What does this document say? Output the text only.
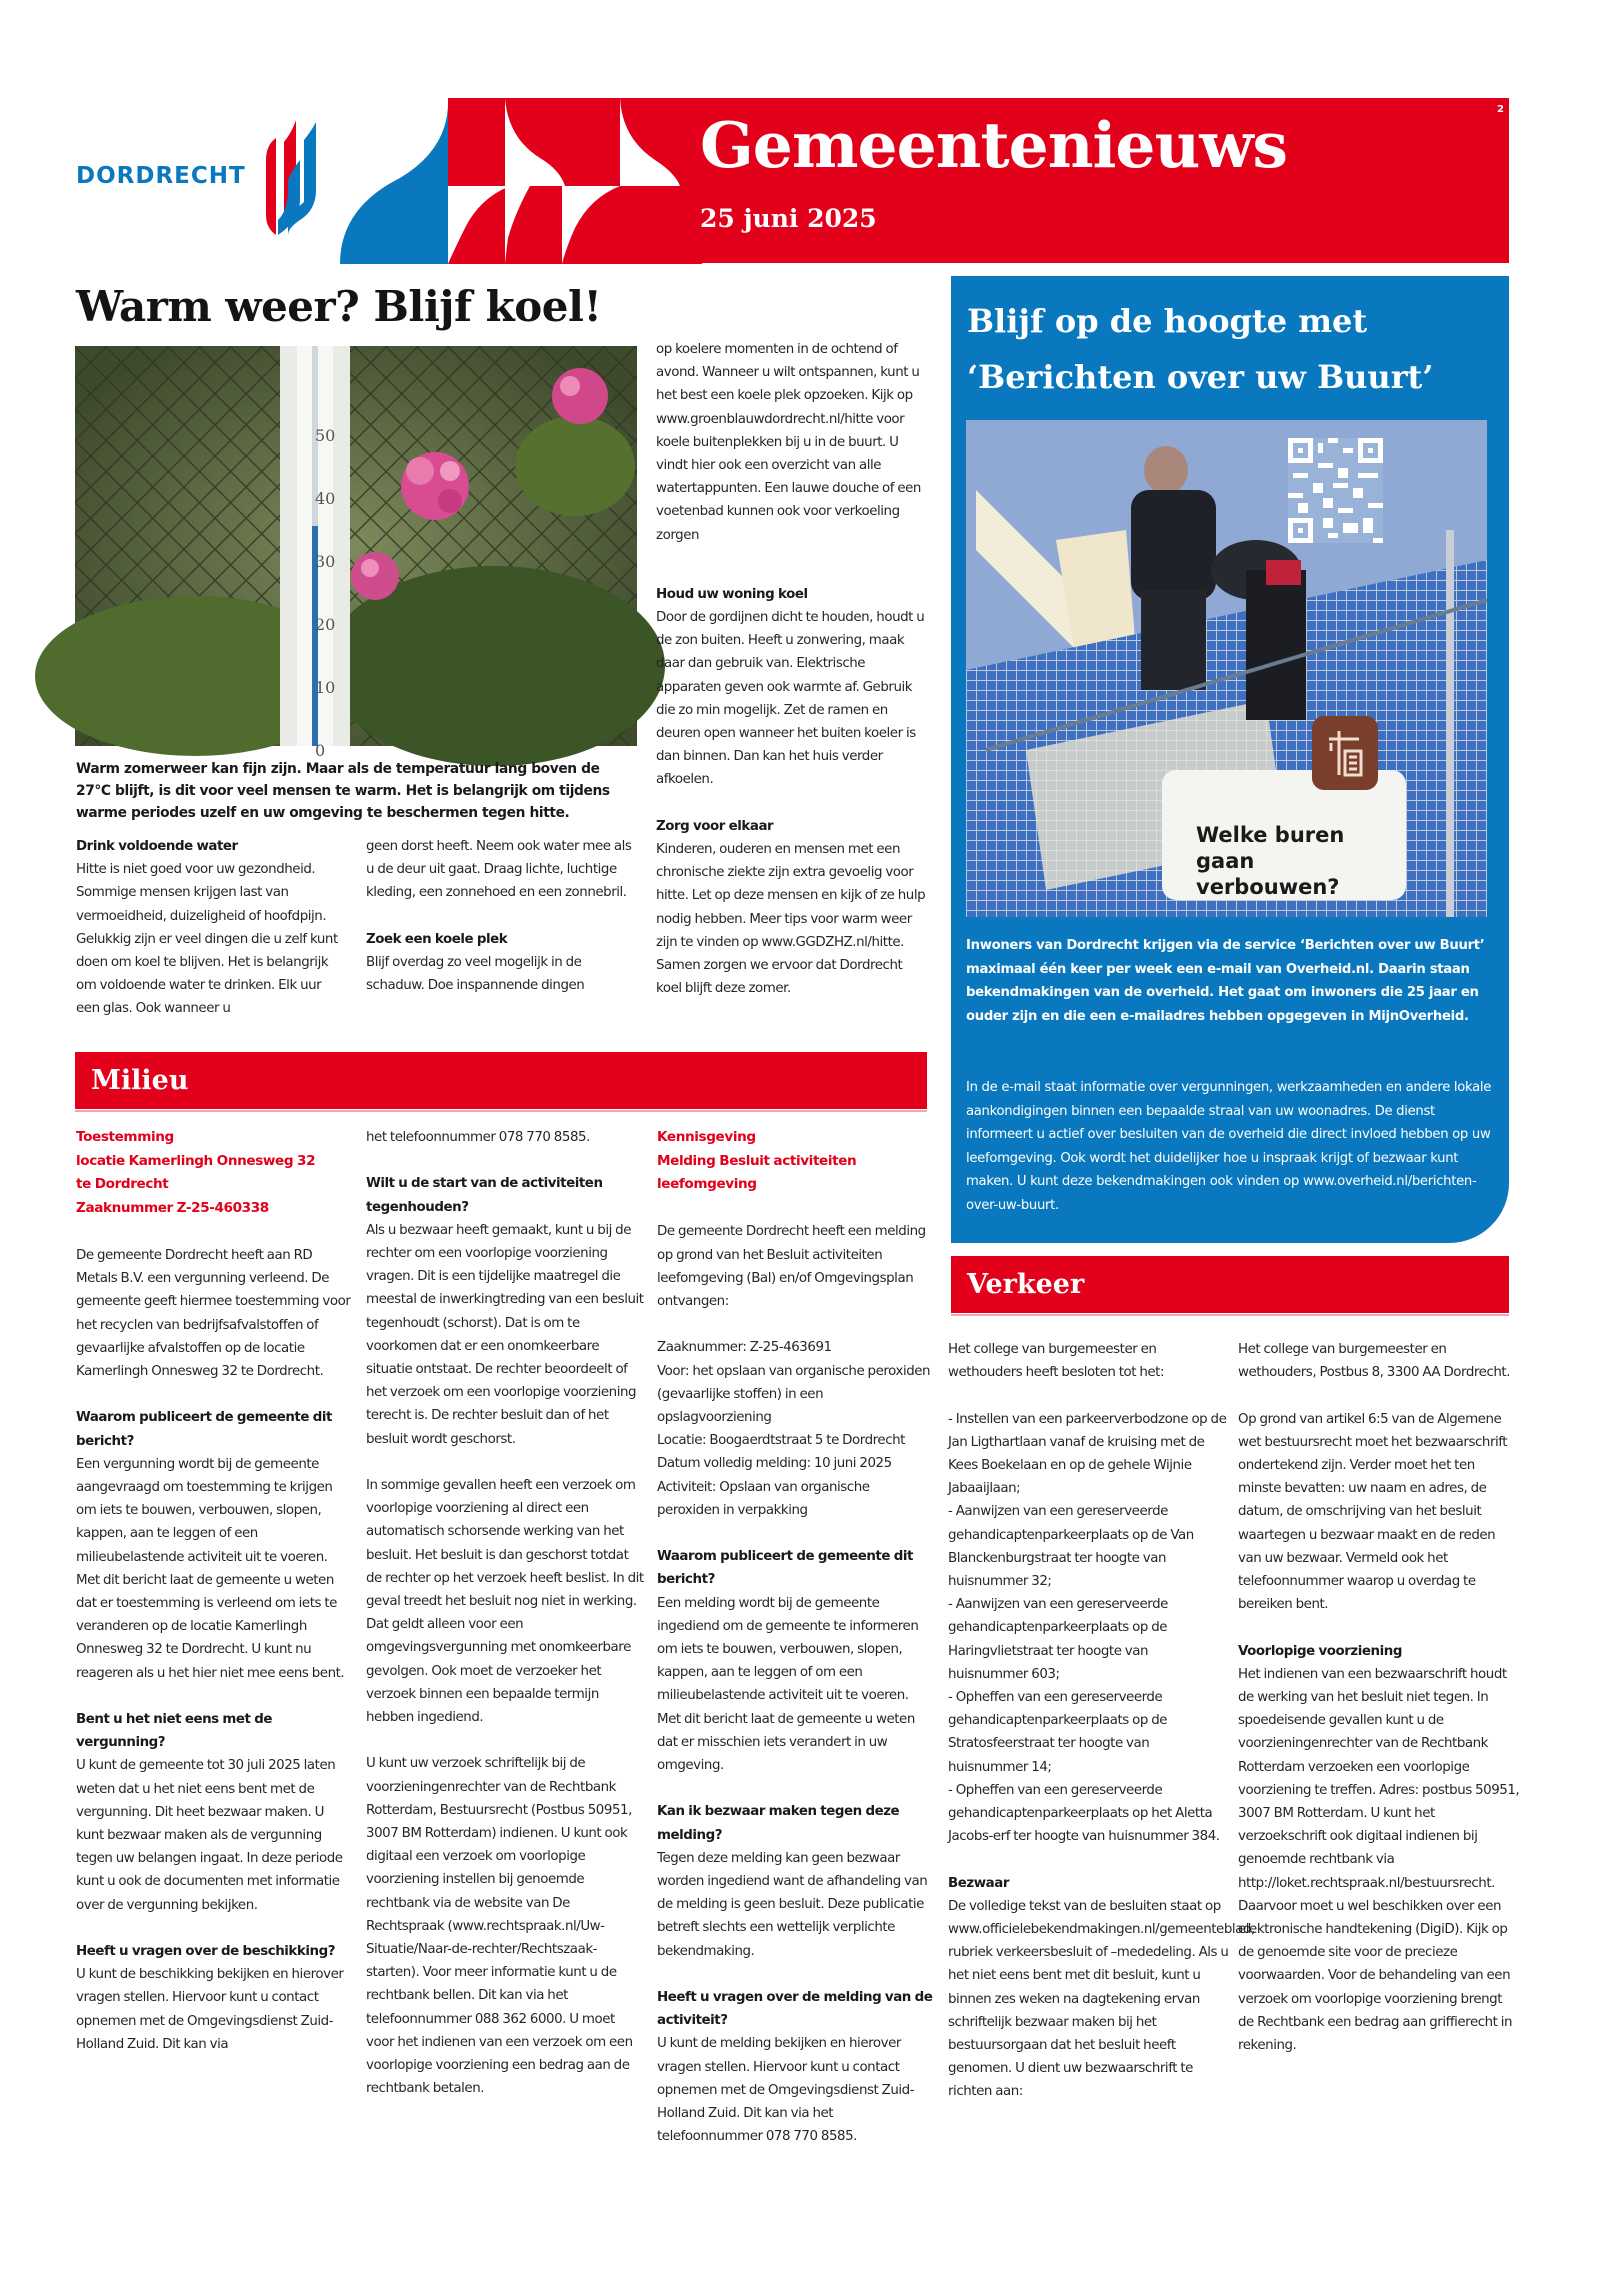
DORDRECHT	Gemeentenieuws
25 juni 2025
2
Warm weer? Blijf koel!
50
40
30
20
10
0
Warm zomerweer kan fijn zijn. Maar als de temperatuur lang boven de 27°C blijft, is dit voor veel mensen te warm. Het is belangrijk om tijdens warme periodes uzelf en uw omgeving te beschermen tegen hitte.
Drink voldoende water
Hitte is niet goed voor uw gezondheid. Sommige mensen krijgen last van vermoeidheid, duizeligheid of hoofdpijn. Gelukkig zijn er veel dingen die u zelf kunt doen om koel te blijven. Het is belangrijk om voldoende water te drinken. Elk uur een glas. Ook wanneer u
geen dorst heeft. Neem ook water mee als u de deur uit gaat. Draag lichte, luchtige kleding, een zonnehoed en een zonnebril.
Zoek een koele plek
Blijf overdag zo veel mogelijk in de schaduw. Doe inspannende dingen
op koelere momenten in de ochtend of avond. Wanneer u wilt ontspannen, kunt u het best een koele plek opzoeken. Kijk op www.groenblauwdordrecht.nl/hitte voor koele buitenplekken bij u in de buurt. U vindt hier ook een overzicht van alle watertappunten. Een lauwe douche of een voetenbad kunnen ook voor verkoeling zorgen
Houd uw woning koel
Door de gordijnen dicht te houden, houdt u de zon buiten. Heeft u zonwering, maak daar dan gebruik van. Elektrische apparaten geven ook warmte af. Gebruik die zo min mogelijk. Zet de ramen en deuren open wanneer het buiten koeler is dan binnen. Dan kan het huis verder afkoelen.
Zorg voor elkaar
Kinderen, ouderen en mensen met een chronische ziekte zijn extra gevoelig voor hitte. Let op deze mensen en kijk of ze hulp nodig hebben. Meer tips voor warm weer zijn te vinden op www.GGDZHZ.nl/hitte. Samen zorgen we ervoor dat Dordrecht koel blijft deze zomer.
Blijf op de hoogte met
‘Berichten over uw Buurt’
Welke buren gaan verbouwen?
Inwoners van Dordrecht krijgen via de service ‘Berichten over uw Buurt’ maximaal één keer per week een e-mail van Overheid.nl. Daarin staan bekendmakingen van de overheid. Het gaat om inwoners die 25 jaar en ouder zijn en die een e-mailadres hebben opgegeven in MijnOverheid.
In de e-mail staat informatie over vergunningen, werkzaamheden en andere lokale aankondigingen binnen een bepaalde straal van uw woonadres. De dienst informeert u actief over besluiten van de overheid die direct invloed hebben op uw leefomgeving. Ook wordt het duidelijker hoe u inspraak krijgt of bezwaar kunt maken. U kunt deze bekendmakingen ook vinden op www.overheid.nl/berichten-over-uw-buurt.
Milieu
Toestemming
locatie Kamerlingh Onnesweg 32
te Dordrecht
Zaaknummer Z-25-460338
De gemeente Dordrecht heeft aan RD Metals B.V. een vergunning verleend. De gemeente geeft hiermee toestemming voor het recyclen van bedrijfsafvalstoffen of gevaarlijke afvalstoffen op de locatie Kamerlingh Onnesweg 32 te Dordrecht.
Waarom publiceert de gemeente dit bericht?
Een vergunning wordt bij de gemeente aangevraagd om toestemming te krijgen om iets te bouwen, verbouwen, slopen, kappen, aan te leggen of een milieubelastende activiteit uit te voeren. Met dit bericht laat de gemeente u weten dat er toestemming is verleend om iets te veranderen op de locatie Kamerlingh Onnesweg 32 te Dordrecht. U kunt nu reageren als u het hier niet mee eens bent.
Bent u het niet eens met de vergunning?
U kunt de gemeente tot 30 juli 2025 laten weten dat u het niet eens bent met de vergunning. Dit heet bezwaar maken. U kunt bezwaar maken als de vergunning tegen uw belangen ingaat. In deze periode kunt u ook de documenten met informatie over de vergunning bekijken.
Heeft u vragen over de beschikking?
U kunt de beschikking bekijken en hierover vragen stellen. Hiervoor kunt u contact opnemen met de Omgevingsdienst Zuid-Holland Zuid. Dit kan via
het telefoonnummer 078 770 8585.
Wilt u de start van de activiteiten tegenhouden?
Als u bezwaar heeft gemaakt, kunt u bij de rechter om een voorlopige voorziening vragen. Dit is een tijdelijke maatregel die meestal de inwerkingtreding van een besluit tegenhoudt (schorst). Dat is om te voorkomen dat er een onomkeerbare situatie ontstaat. De rechter beoordeelt of het verzoek om een voorlopige voorziening terecht is. De rechter besluit dan of het besluit wordt geschorst.
In sommige gevallen heeft een verzoek om voorlopige voorziening al direct een automatisch schorsende werking van het besluit. Het besluit is dan geschorst totdat de rechter op het verzoek heeft beslist. In dit geval treedt het besluit nog niet in werking. Dat geldt alleen voor een omgevingsvergunning met onomkeerbare gevolgen. Ook moet de verzoeker het verzoek binnen een bepaalde termijn hebben ingediend.
U kunt uw verzoek schriftelijk bij de voorzieningenrechter van de Rechtbank Rotterdam, Bestuursrecht (Postbus 50951, 3007 BM Rotterdam) indienen. U kunt ook digitaal een verzoek om voorlopige voorziening instellen bij genoemde rechtbank via de website van De Rechtspraak (www.rechtspraak.nl/Uw-Situatie/Naar-de-rechter/Rechtszaak-starten). Voor meer informatie kunt u de rechtbank bellen. Dit kan via het telefoonnummer 088 362 6000. U moet voor het indienen van een verzoek om een voorlopige voorziening een bedrag aan de rechtbank betalen.
Kennisgeving
Melding Besluit activiteiten
leefomgeving
De gemeente Dordrecht heeft een melding op grond van het Besluit activiteiten leefomgeving (Bal) en/of Omgevingsplan ontvangen:
Zaaknummer: Z-25-463691
Voor: het opslaan van organische peroxiden (gevaarlijke stoffen) in een opslagvoorziening
Locatie: Boogaerdtstraat 5 te Dordrecht
Datum volledig melding: 10 juni 2025
Activiteit: Opslaan van organische peroxiden in verpakking
Waarom publiceert de gemeente dit bericht?
Een melding wordt bij de gemeente ingediend om de gemeente te informeren om iets te bouwen, verbouwen, slopen, kappen, aan te leggen of om een milieubelastende activiteit uit te voeren. Met dit bericht laat de gemeente u weten dat er misschien iets verandert in uw omgeving.
Kan ik bezwaar maken tegen deze melding?
Tegen deze melding kan geen bezwaar worden ingediend want de afhandeling van de melding is geen besluit. Deze publicatie betreft slechts een wettelijk verplichte bekendmaking.
Heeft u vragen over de melding van de activiteit?
U kunt de melding bekijken en hierover vragen stellen. Hiervoor kunt u contact opnemen met de Omgevingsdienst Zuid-Holland Zuid. Dit kan via het telefoonnummer 078 770 8585.
Verkeer
Het college van burgemeester en wethouders heeft besloten tot het:
- Instellen van een parkeerverbodzone op de Jan Ligthartlaan vanaf de kruising met de Kees Boekelaan en op de gehele Wijnie Jabaaijlaan;
- Aanwijzen van een gereserveerde gehandicaptenparkeerplaats op de Van Blanckenburgstraat ter hoogte van huisnummer 32;
- Aanwijzen van een gereserveerde gehandicaptenparkeerplaats op de Haringvlietstraat ter hoogte van huisnummer 603;
- Opheffen van een gereserveerde gehandicaptenparkeerplaats op de Stratosfeerstraat ter hoogte van huisnummer 14;
- Opheffen van een gereserveerde gehandicaptenparkeerplaats op het Aletta Jacobs-erf ter hoogte van huisnummer 384.
Bezwaar
De volledige tekst van de besluiten staat op www.officielebekendmakingen.nl/gemeenteblad, rubriek verkeersbesluit of –mededeling. Als u het niet eens bent met dit besluit, kunt u binnen zes weken na dagtekening ervan schriftelijk bezwaar maken bij het bestuursorgaan dat het besluit heeft genomen. U dient uw bezwaarschrift te richten aan:
Het college van burgemeester en wethouders, Postbus 8, 3300 AA Dordrecht.
Op grond van artikel 6:5 van de Algemene wet bestuursrecht moet het bezwaarschrift ondertekend zijn. Verder moet het ten minste bevatten: uw naam en adres, de datum, de omschrijving van het besluit waartegen u bezwaar maakt en de reden van uw bezwaar. Vermeld ook het telefoonnummer waarop u overdag te bereiken bent.
Voorlopige voorziening
Het indienen van een bezwaarschrift houdt de werking van het besluit niet tegen. In spoedeisende gevallen kunt u de voorzieningenrechter van de Rechtbank Rotterdam verzoeken een voorlopige voorziening te treffen. Adres: postbus 50951, 3007 BM Rotterdam. U kunt het verzoekschrift ook digitaal indienen bij genoemde rechtbank via http://loket.rechtspraak.nl/bestuursrecht. Daarvoor moet u wel beschikken over een elektronische handtekening (DigiD). Kijk op de genoemde site voor de precieze voorwaarden. Voor de behandeling van een verzoek om voorlopige voorziening brengt de Rechtbank een bedrag aan griffierecht in rekening.
